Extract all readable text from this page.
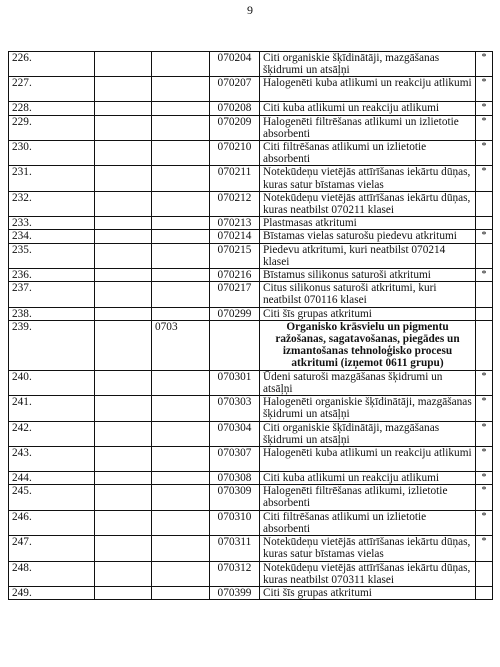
9
226.			070204	Citi organiskie šķīdinātāji, mazgāšanas šķidrumi un atsāļņi	*
227.			070207	Halogenēti kuba atlikumi un reakciju atlikumi	*
228.			070208	Citi kuba atlikumi un reakciju atlikumi	*
229.			070209	Halogenēti filtrēšanas atlikumi un izlietotie absorbenti	*
230.			070210	Citi filtrēšanas atlikumi un izlietotie absorbenti	*
231.			070211	Notekūdeņu vietējās attīrīšanas iekārtu dūņas, kuras satur bīstamas vielas	*
232.			070212	Notekūdeņu vietējās attīrīšanas iekārtu dūņas, kuras neatbilst 070211 klasei	
233.			070213	Plastmasas atkritumi	
234.			070214	Bīstamas vielas saturošu piedevu atkritumi	*
235.			070215	Piedevu atkritumi, kuri neatbilst 070214 klasei	
236.			070216	Bīstamus silikonus saturoši atkritumi	*
237.			070217	Citus silikonus saturoši atkritumi, kuri neatbilst 070116 klasei	
238.			070299	Citi šīs grupas atkritumi	
239.		0703		Organisko krāsvielu un pigmentu ražošanas, sagatavošanas, piegādes un izmantošanas tehnoloģisko procesu atkritumi (izņemot 0611 grupu)	
240.			070301	Ūdeni saturoši mazgāšanas šķidrumi un atsāļņi	*
241.			070303	Halogenēti organiskie šķīdinātāji, mazgāšanas šķidrumi un atsāļņi	*
242.			070304	Citi organiskie šķīdinātāji, mazgāšanas šķidrumi un atsāļņi	*
243.			070307	Halogenēti kuba atlikumi un reakciju atlikumi	*
244.			070308	Citi kuba atlikumi un reakciju atlikumi	*
245.			070309	Halogenēti filtrēšanas atlikumi, izlietotie absorbenti	*
246.			070310	Citi filtrēšanas atlikumi un izlietotie absorbenti	*
247.			070311	Notekūdeņu vietējās attīrīšanas iekārtu dūņas, kuras satur bīstamas vielas	*
248.			070312	Notekūdeņu vietējās attīrīšanas iekārtu dūņas, kuras neatbilst 070311 klasei	
249.			070399	Citi šīs grupas atkritumi	
